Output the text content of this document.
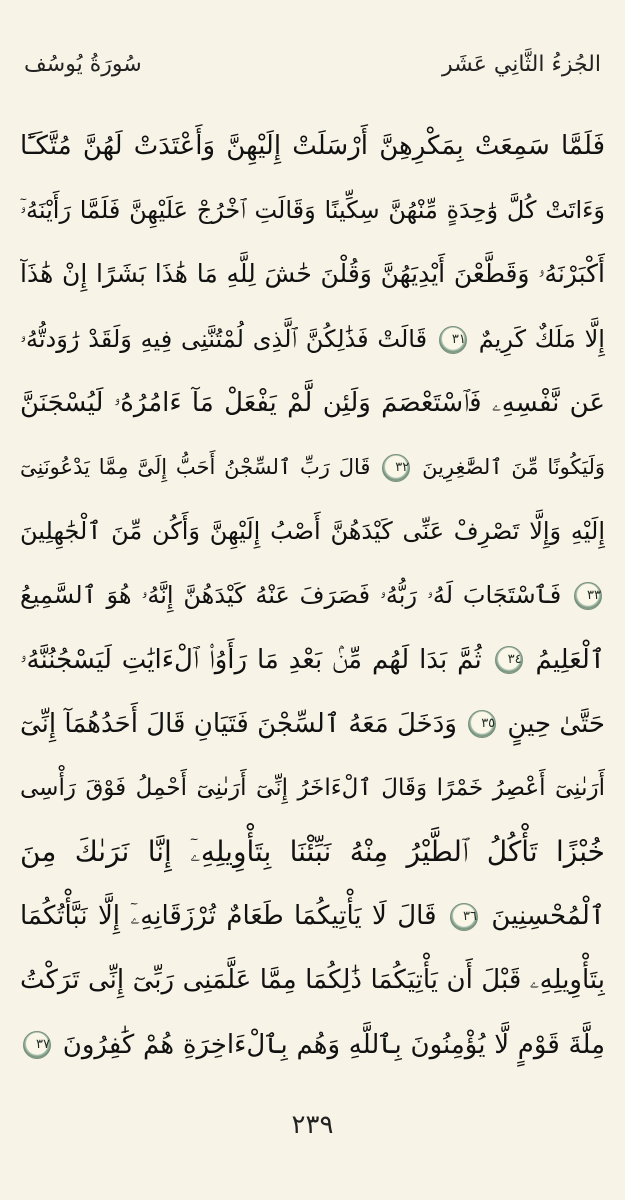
سُورَةُ يُوسُف	الجُزءُ الثَّانِي عَشَر
فَلَمَّا سَمِعَتْ بِمَكْرِهِنَّ أَرْسَلَتْ إِلَيْهِنَّ وَأَعْتَدَتْ لَهُنَّ مُتَّكَـًٔا
وَءَاتَتْ كُلَّ وَٰحِدَةٍ مِّنْهُنَّ سِكِّينًا وَقَالَتِ ٱخْرُجْ عَلَيْهِنَّ فَلَمَّا رَأَيْنَهُۥٓ
أَكْبَرْنَهُۥ وَقَطَّعْنَ أَيْدِيَهُنَّ وَقُلْنَ حَٰشَ لِلَّهِ مَا هَٰذَا بَشَرًا إِنْ هَٰذَآ
إِلَّا مَلَكٌ كَرِيمٌ ٣١ قَالَتْ فَذَٰلِكُنَّ ٱلَّذِى لُمْتُنَّنِى فِيهِ وَلَقَدْ رَٰوَدتُّهُۥ
عَن نَّفْسِهِۦ فَٱسْتَعْصَمَ وَلَئِن لَّمْ يَفْعَلْ مَآ ءَامُرُهُۥ لَيُسْجَنَنَّ
وَلَيَكُونًا مِّنَ ٱلصَّٰغِرِينَ ٣٢ قَالَ رَبِّ ٱلسِّجْنُ أَحَبُّ إِلَىَّ مِمَّا يَدْعُونَنِىٓ
إِلَيْهِ وَإِلَّا تَصْرِفْ عَنِّى كَيْدَهُنَّ أَصْبُ إِلَيْهِنَّ وَأَكُن مِّنَ ٱلْجَٰهِلِينَ
٣٣ فَٱسْتَجَابَ لَهُۥ رَبُّهُۥ فَصَرَفَ عَنْهُ كَيْدَهُنَّ إِنَّهُۥ هُوَ ٱلسَّمِيعُ
ٱلْعَلِيمُ ٣٤ ثُمَّ بَدَا لَهُم مِّنۢ بَعْدِ مَا رَأَوُا۟ ٱلْءَايَٰتِ لَيَسْجُنُنَّهُۥ
حَتَّىٰ حِينٍ ٣٥ وَدَخَلَ مَعَهُ ٱلسِّجْنَ فَتَيَانِ قَالَ أَحَدُهُمَآ إِنِّىٓ
أَرَىٰنِىٓ أَعْصِرُ خَمْرًا وَقَالَ ٱلْءَاخَرُ إِنِّىٓ أَرَىٰنِىٓ أَحْمِلُ فَوْقَ رَأْسِى
خُبْزًا تَأْكُلُ ٱلطَّيْرُ مِنْهُ نَبِّئْنَا بِتَأْوِيلِهِۦٓ إِنَّا نَرَىٰكَ مِنَ
ٱلْمُحْسِنِينَ ٣٦ قَالَ لَا يَأْتِيكُمَا طَعَامٌ تُرْزَقَانِهِۦٓ إِلَّا نَبَّأْتُكُمَا
بِتَأْوِيلِهِۦ قَبْلَ أَن يَأْتِيَكُمَا ذَٰلِكُمَا مِمَّا عَلَّمَنِى رَبِّىٓ إِنِّى تَرَكْتُ
مِلَّةَ قَوْمٍ لَّا يُؤْمِنُونَ بِٱللَّهِ وَهُم بِٱلْءَاخِرَةِ هُمْ كَٰفِرُونَ ٣٧
٢٣٩
